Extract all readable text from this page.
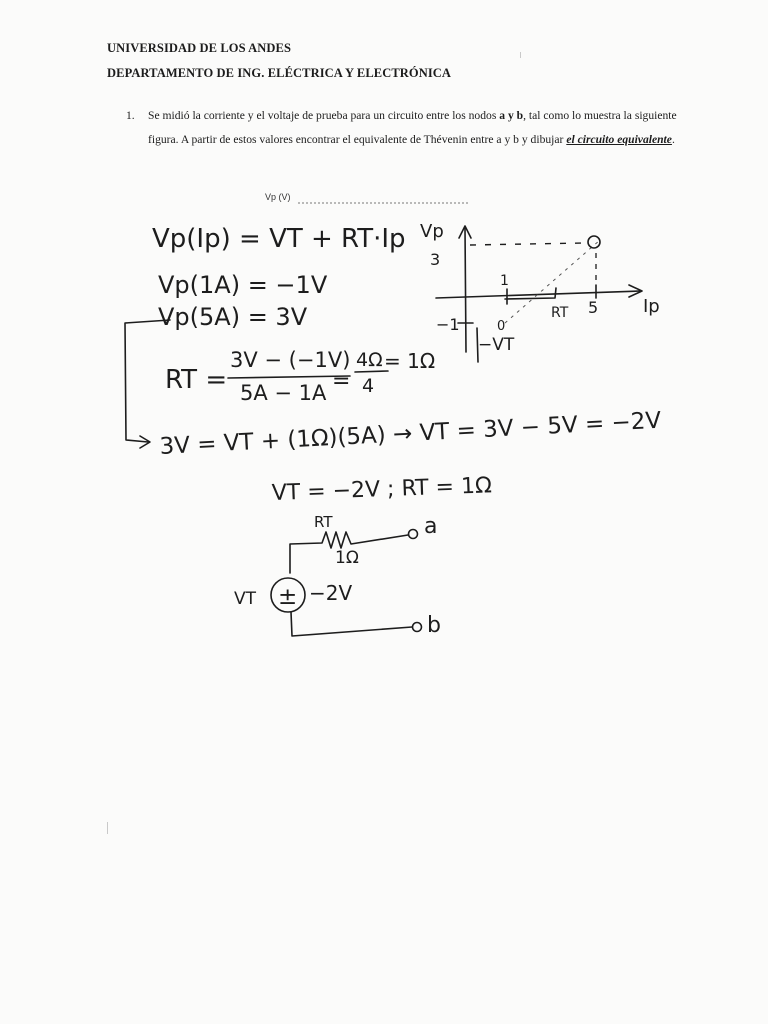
UNIVERSIDAD DE LOS ANDES
DEPARTAMENTO DE ING. ELÉCTRICA Y ELECTRÓNICA
1. Se midió la corriente y el voltaje de prueba para un circuito entre los nodos a y b, tal como lo muestra la siguiente figura. A partir de estos valores encontrar el equivalente de Thévenin entre a y b y dibujar el circuito equivalente.
Vp (V)
Vp(Ip) = VT + RT·Ip
Vp(1A) = −1V
Vp(5A) = 3V
RT =
3V − (−1V)
5A − 1A =
4Ω
4
= 1Ω
3V = VT + (1Ω)(5A) → VT = 3V − 5V = −2V
VT = −2V ; RT = 1Ω
Vp
Ip
3
−1
1
5
0
RT
−VT
RT	a
1Ω
±
VT	−2V
b
